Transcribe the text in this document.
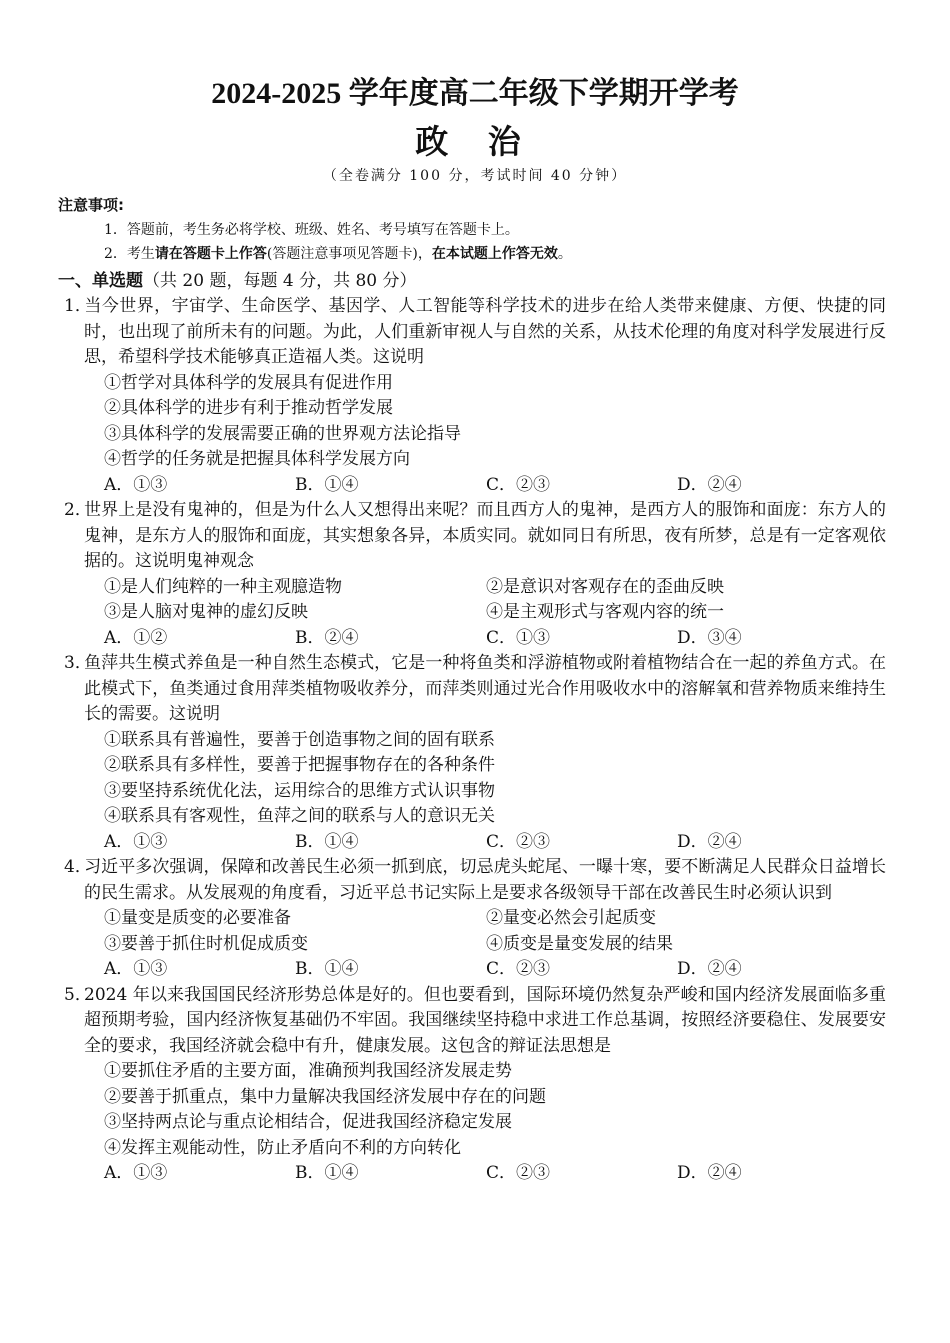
2024-2025 学年度高二年级下学期开学考
政 治
（全卷满分 100 分，考试时间 40 分钟）
注意事项:
1．答题前，考生务必将学校、班级、姓名、考号填写在答题卡上。
2．考生请在答题卡上作答(答题注意事项见答题卡)，在本试题上作答无效。
一、单选题（共 20 题，每题 4 分，共 80 分）

1．当今世界，宇宙学、生命医学、基因学、人工智能等科学技术的进步在给人类带来健康、方便、快捷的同时，也出现了前所未有的问题。为此，人们重新审视人与自然的关系，从技术伦理的角度对科学发展进行反思，希望科学技术能够真正造福人类。这说明

①哲学对具体科学的发展具有促进作用
②具体科学的进步有利于推动哲学发展
③具体科学的发展需要正确的世界观方法论指导
④哲学的任务就是把握具体科学发展方向
A．①③	B．①④	C．②③	D．②④

2．世界上是没有鬼神的，但是为什么人又想得出来呢？而且西方人的鬼神，是西方人的服饰和面庞：东方人的鬼神，是东方人的服饰和面庞，其实想象各异，本质实同。就如同日有所思，夜有所梦，总是有一定客观依据的。这说明鬼神观念

①是人们纯粹的一种主观臆造物	②是意识对客观存在的歪曲反映
③是人脑对鬼神的虚幻反映	④是主观形式与客观内容的统一
A．①②	B．②④	C．①③	D．③④

3．鱼萍共生模式养鱼是一种自然生态模式，它是一种将鱼类和浮游植物或附着植物结合在一起的养鱼方式。在此模式下，鱼类通过食用萍类植物吸收养分，而萍类则通过光合作用吸收水中的溶解氧和营养物质来维持生长的需要。这说明

①联系具有普遍性，要善于创造事物之间的固有联系
②联系具有多样性，要善于把握事物存在的各种条件
③要坚持系统优化法，运用综合的思维方式认识事物
④联系具有客观性，鱼萍之间的联系与人的意识无关
A．①③	B．①④	C．②③	D．②④

4．习近平多次强调，保障和改善民生必须一抓到底，切忌虎头蛇尾、一曝十寒，要不断满足人民群众日益增长的民生需求。从发展观的角度看，习近平总书记实际上是要求各级领导干部在改善民生时必须认识到

①量变是质变的必要准备	②量变必然会引起质变
③要善于抓住时机促成质变	④质变是量变发展的结果
A．①③	B．①④	C．②③	D．②④

5．2024 年以来我国国民经济形势总体是好的。但也要看到，国际环境仍然复杂严峻和国内经济发展面临多重超预期考验，国内经济恢复基础仍不牢固。我国继续坚持稳中求进工作总基调，按照经济要稳住、发展要安全的要求，我国经济就会稳中有升，健康发展。这包含的辩证法思想是

①要抓住矛盾的主要方面，准确预判我国经济发展走势
②要善于抓重点，集中力量解决我国经济发展中存在的问题
③坚持两点论与重点论相结合，促进我国经济稳定发展
④发挥主观能动性，防止矛盾向不利的方向转化
A．①③	B．①④	C．②③	D．②④
